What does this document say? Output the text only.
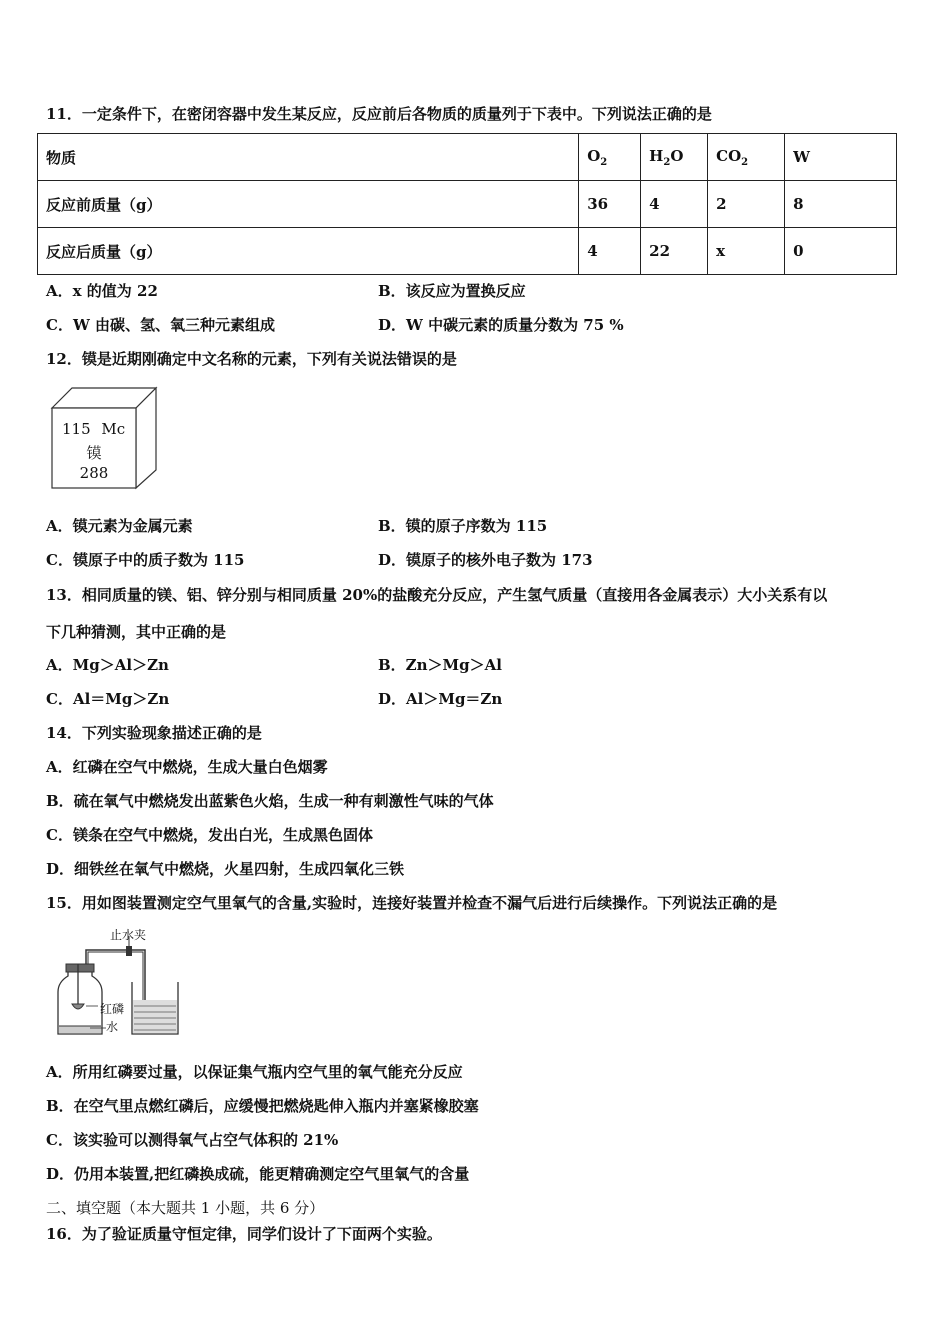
11．一定条件下，在密闭容器中发生某反应，反应前后各物质的质量列于下表中。下列说法正确的是
物质	$O_2$	$H_2O$	$CO_2$	W
反应前质量（g）	36	4	2	8
反应后质量（g）	4	22	x	0
A．x 的值为 22	B．该反应为置换反应
C．W 由碳、氢、氧三种元素组成	D．W 中碳元素的质量分数为 75 %
12．镆是近期刚确定中文名称的元素，下列有关说法错误的是
115 Mc
镆
288
A．镆元素为金属元素	B．镆的原子序数为 115
C．镆原子中的质子数为 115	D．镆原子的核外电子数为 173
13．相同质量的镁、铝、锌分别与相同质量 20%的盐酸充分反应，产生氢气质量（直接用各金属表示）大小关系有以
下几种猜测，其中正确的是
A．Mg＞Al＞Zn	B．Zn＞Mg＞Al
C．Al＝Mg＞Zn	D．Al＞Mg＝Zn
14．下列实验现象描述正确的是
A．红磷在空气中燃烧，生成大量白色烟雾
B．硫在氧气中燃烧发出蓝紫色火焰，生成一种有刺激性气味的气体
C．镁条在空气中燃烧，发出白光，生成黑色固体
D．细铁丝在氧气中燃烧，火星四射，生成四氧化三铁
15．用如图装置测定空气里氧气的含量,实验时，连接好装置并检查不漏气后进行后续操作。下列说法正确的是
止水夹
红磷
水
A．所用红磷要过量，以保证集气瓶内空气里的氧气能充分反应
B．在空气里点燃红磷后，应缓慢把燃烧匙伸入瓶内并塞紧橡胶塞
C．该实验可以测得氧气占空气体积的 21%
D．仍用本装置,把红磷换成硫，能更精确测定空气里氧气的含量
二、填空题（本大题共 1 小题，共 6 分）
16．为了验证质量守恒定律，同学们设计了下面两个实验。
